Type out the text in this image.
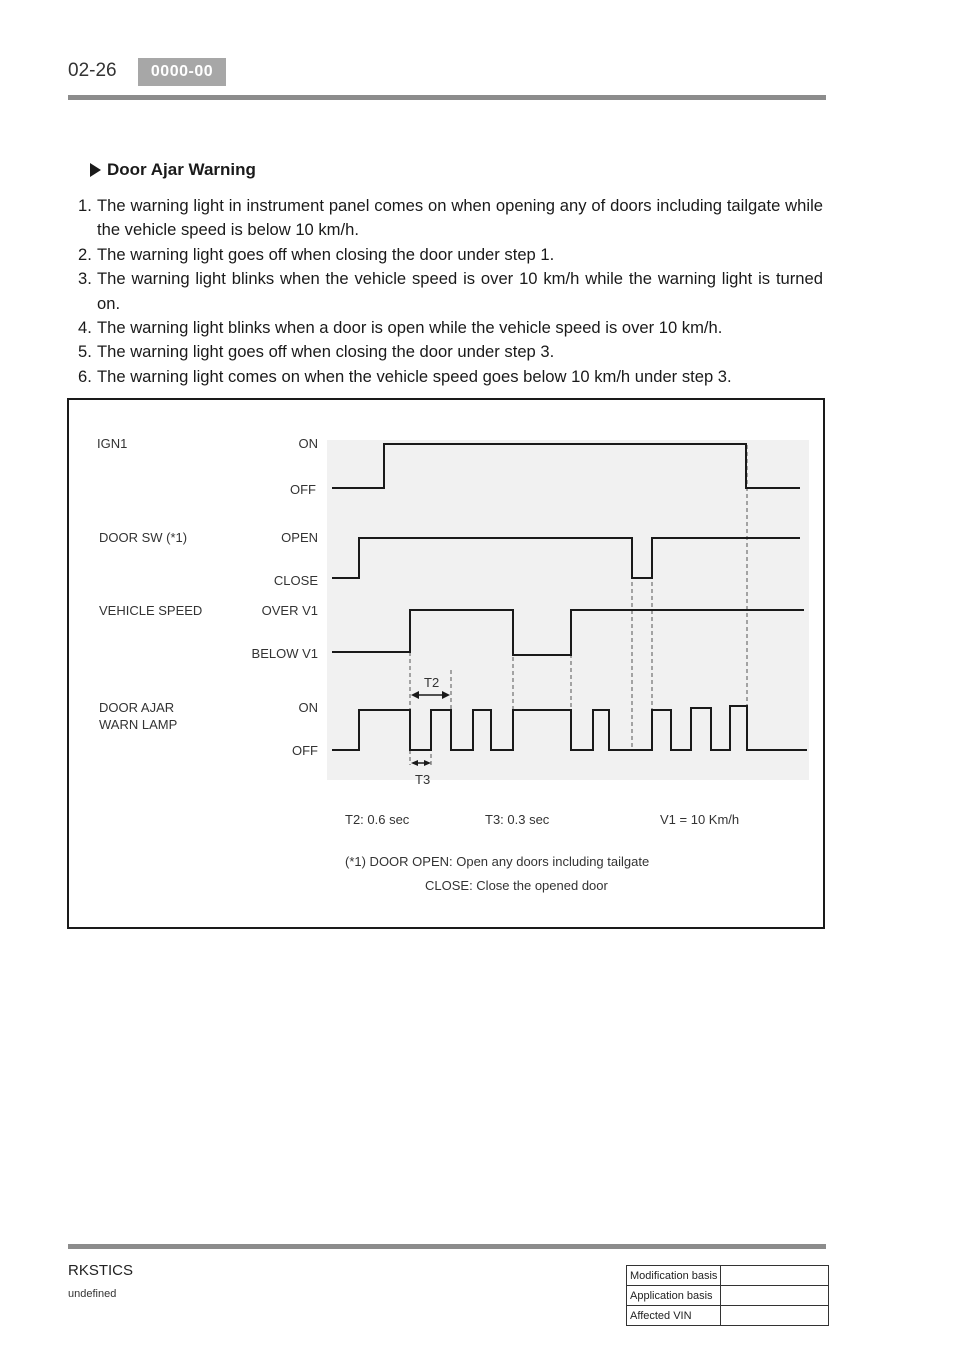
02-26	0000-00
Door Ajar Warning
1. The warning light in instrument panel comes on when opening any of doors including tailgate while the vehicle speed is below 10 km/h.
2. The warning light goes off when closing the door under step 1.
3. The warning light blinks when the vehicle speed is over 10 km/h while the warning light is turned on.
4. The warning light blinks when a door is open while the vehicle speed is over 10 km/h.
5. The warning light goes off when closing the door under step 3.
6. The warning light comes on when the vehicle speed goes below 10 km/h under step 3.
IGN1
DOOR SW (*1)
VEHICLE SPEED
DOOR AJAR
WARN LAMP
ON
OFF
OPEN
CLOSE
OVER V1
BELOW V1
ON
OFF
T2
T3
T2: 0.6 sec	T3: 0.3 sec	V1 = 10 Km/h
(*1) DOOR OPEN: Open any doors including tailgate
CLOSE: Close the opened door
RKSTICS
undefined
Modification basis	
Application basis	
Affected VIN	
